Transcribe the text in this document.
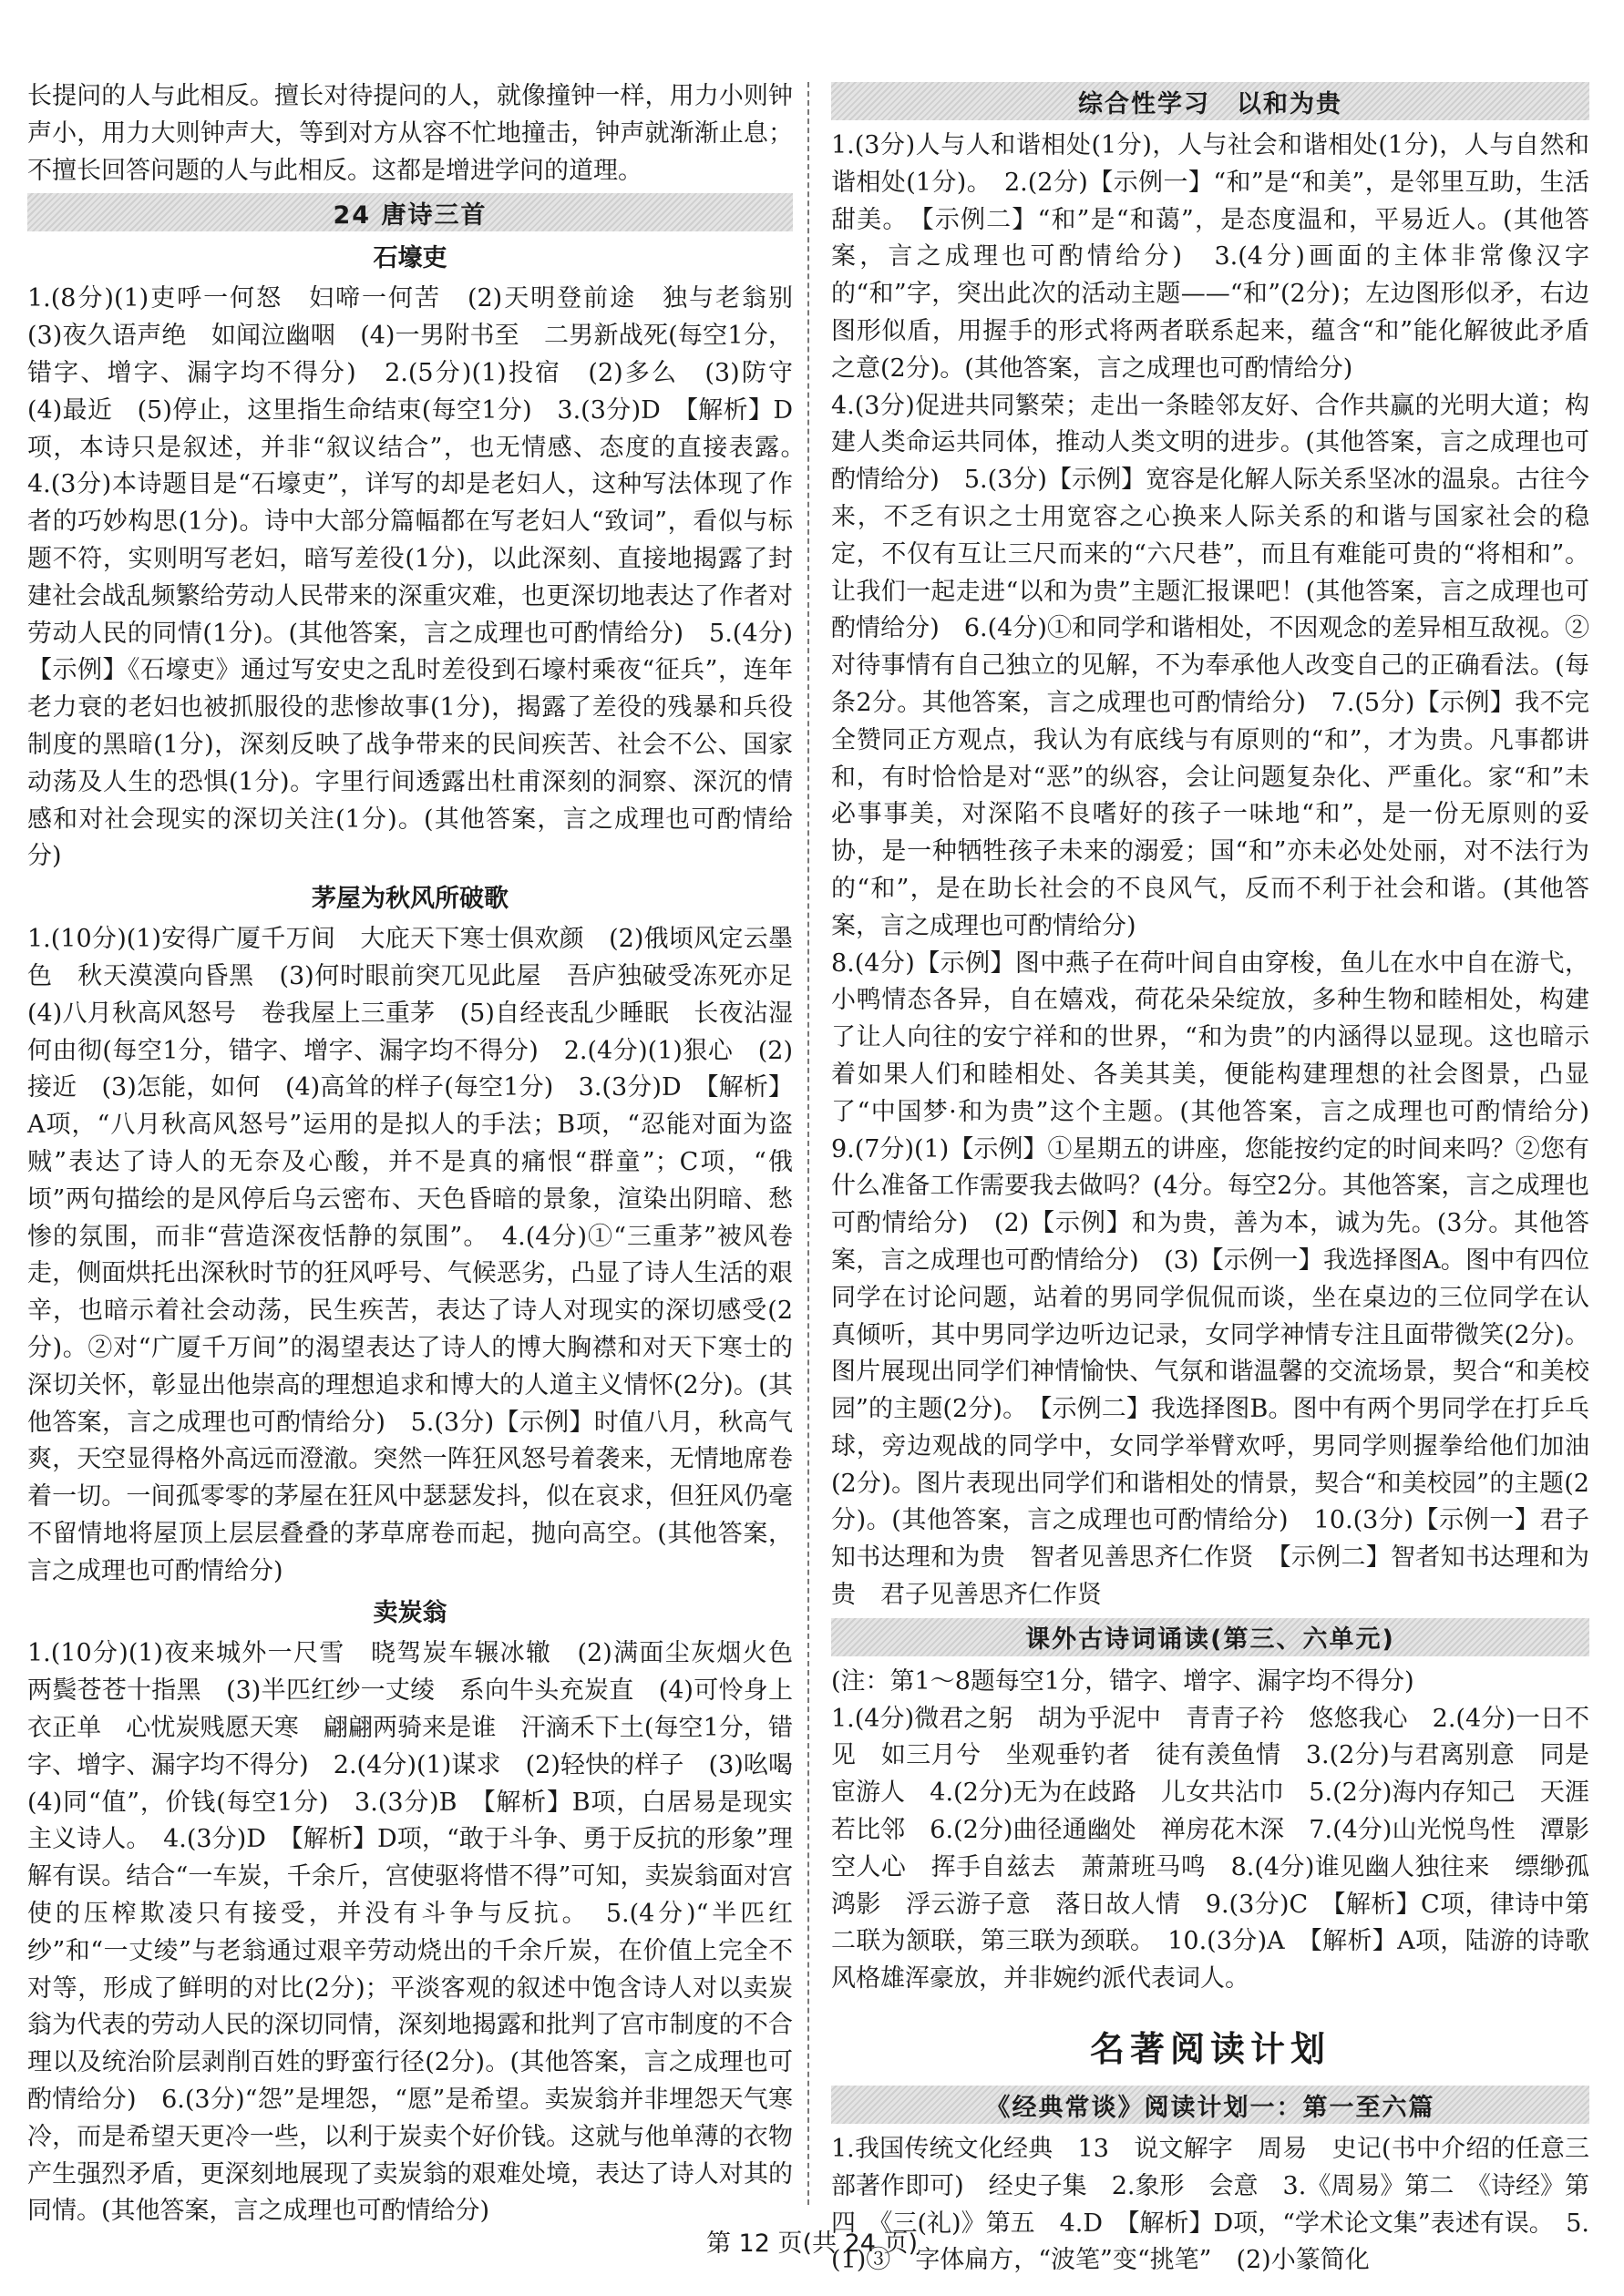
长提问的人与此相反。擅长对待提问的人，就像撞钟一样，用力小则钟声小，用力大则钟声大，等到对方从容不忙地撞击，钟声就渐渐止息；不擅长回答问题的人与此相反。这都是增进学问的道理。

24 唐诗三首
石壕吏

1.(8分)(1)吏呼一何怒　妇啼一何苦　(2)天明登前途　独与老翁别　(3)夜久语声绝　如闻泣幽咽　(4)一男附书至　二男新战死(每空1分，错字、增字、漏字均不得分)　2.(5分)(1)投宿　(2)多么　(3)防守　(4)最近　(5)停止，这里指生命结束(每空1分)　3.(3分)D　【解析】D项，本诗只是叙述，并非“叙议结合”，也无情感、态度的直接表露。　4.(3分)本诗题目是“石壕吏”，详写的却是老妇人，这种写法体现了作者的巧妙构思(1分)。诗中大部分篇幅都在写老妇人“致词”，看似与标题不符，实则明写老妇，暗写差役(1分)，以此深刻、直接地揭露了封建社会战乱频繁给劳动人民带来的深重灾难，也更深切地表达了作者对劳动人民的同情(1分)。(其他答案，言之成理也可酌情给分)　5.(4分)【示例】《石壕吏》通过写安史之乱时差役到石壕村乘夜“征兵”，连年老力衰的老妇也被抓服役的悲惨故事(1分)，揭露了差役的残暴和兵役制度的黑暗(1分)，深刻反映了战争带来的民间疾苦、社会不公、国家动荡及人生的恐惧(1分)。字里行间透露出杜甫深刻的洞察、深沉的情感和对社会现实的深切关注(1分)。(其他答案，言之成理也可酌情给分)

茅屋为秋风所破歌

1.(10分)(1)安得广厦千万间　大庇天下寒士俱欢颜　(2)俄顷风定云墨色　秋天漠漠向昏黑　(3)何时眼前突兀见此屋　吾庐独破受冻死亦足　(4)八月秋高风怒号　卷我屋上三重茅　(5)自经丧乱少睡眠　长夜沾湿何由彻(每空1分，错字、增字、漏字均不得分)　2.(4分)(1)狠心　(2)接近　(3)怎能，如何　(4)高耸的样子(每空1分)　3.(3分)D　【解析】A项，“八月秋高风怒号”运用的是拟人的手法；B项，“忍能对面为盗贼”表达了诗人的无奈及心酸，并不是真的痛恨“群童”；C项，“俄顷”两句描绘的是风停后乌云密布、天色昏暗的景象，渲染出阴暗、愁惨的氛围，而非“营造深夜恬静的氛围”。　4.(4分)①“三重茅”被风卷走，侧面烘托出深秋时节的狂风呼号、气候恶劣，凸显了诗人生活的艰辛，也暗示着社会动荡，民生疾苦，表达了诗人对现实的深切感受(2分)。②对“广厦千万间”的渴望表达了诗人的博大胸襟和对天下寒士的深切关怀，彰显出他崇高的理想追求和博大的人道主义情怀(2分)。(其他答案，言之成理也可酌情给分)　5.(3分)【示例】时值八月，秋高气爽，天空显得格外高远而澄澈。突然一阵狂风怒号着袭来，无情地席卷着一切。一间孤零零的茅屋在狂风中瑟瑟发抖，似在哀求，但狂风仍毫不留情地将屋顶上层层叠叠的茅草席卷而起，抛向高空。(其他答案，言之成理也可酌情给分)

卖炭翁

1.(10分)(1)夜来城外一尺雪　晓驾炭车辗冰辙　(2)满面尘灰烟火色　两鬓苍苍十指黑　(3)半匹红纱一丈绫　系向牛头充炭直　(4)可怜身上衣正单　心忧炭贱愿天寒　翩翩两骑来是谁　汗滴禾下土(每空1分，错字、增字、漏字均不得分)　2.(4分)(1)谋求　(2)轻快的样子　(3)吆喝　(4)同“值”，价钱(每空1分)　3.(3分)B　【解析】B项，白居易是现实主义诗人。　4.(3分)D　【解析】D项，“敢于斗争、勇于反抗的形象”理解有误。结合“一车炭，千余斤，宫使驱将惜不得”可知，卖炭翁面对宫使的压榨欺凌只有接受，并没有斗争与反抗。　5.(4分)“半匹红纱”和“一丈绫”与老翁通过艰辛劳动烧出的千余斤炭，在价值上完全不对等，形成了鲜明的对比(2分)；平淡客观的叙述中饱含诗人对以卖炭翁为代表的劳动人民的深切同情，深刻地揭露和批判了宫市制度的不合理以及统治阶层剥削百姓的野蛮行径(2分)。(其他答案，言之成理也可酌情给分)　6.(3分)“怨”是埋怨，“愿”是希望。卖炭翁并非埋怨天气寒冷，而是希望天更冷一些，以利于炭卖个好价钱。这就与他单薄的衣物产生强烈矛盾，更深刻地展现了卖炭翁的艰难处境，表达了诗人对其的同情。(其他答案，言之成理也可酌情给分)

综合性学习　以和为贵

1.(3分)人与人和谐相处(1分)，人与社会和谐相处(1分)，人与自然和谐相处(1分)。　2.(2分)【示例一】“和”是“和美”，是邻里互助，生活甜美。　【示例二】“和”是“和蔼”，是态度温和，平易近人。(其他答案，言之成理也可酌情给分)　3.(4分)画面的主体非常像汉字的“和”字，突出此次的活动主题——“和”(2分)；左边图形似矛，右边图形似盾，用握手的形式将两者联系起来，蕴含“和”能化解彼此矛盾之意(2分)。(其他答案，言之成理也可酌情给分)
4.(3分)促进共同繁荣；走出一条睦邻友好、合作共赢的光明大道；构建人类命运共同体，推动人类文明的进步。(其他答案，言之成理也可酌情给分)　5.(3分)【示例】宽容是化解人际关系坚冰的温泉。古往今来，不乏有识之士用宽容之心换来人际关系的和谐与国家社会的稳定，不仅有互让三尺而来的“六尺巷”，而且有难能可贵的“将相和”。让我们一起走进“以和为贵”主题汇报课吧！(其他答案，言之成理也可酌情给分)　6.(4分)①和同学和谐相处，不因观念的差异相互敌视。②对待事情有自己独立的见解，不为奉承他人改变自己的正确看法。(每条2分。其他答案，言之成理也可酌情给分)　7.(5分)【示例】我不完全赞同正方观点，我认为有底线与有原则的“和”，才为贵。凡事都讲和，有时恰恰是对“恶”的纵容，会让问题复杂化、严重化。家“和”未必事事美，对深陷不良嗜好的孩子一味地“和”，是一份无原则的妥协，是一种牺牲孩子未来的溺爱；国“和”亦未必处处丽，对不法行为的“和”，是在助长社会的不良风气，反而不利于社会和谐。(其他答案，言之成理也可酌情给分)
8.(4分)【示例】图中燕子在荷叶间自由穿梭，鱼儿在水中自在游弋，小鸭情态各异，自在嬉戏，荷花朵朵绽放，多种生物和睦相处，构建了让人向往的安宁祥和的世界，“和为贵”的内涵得以显现。这也暗示着如果人们和睦相处、各美其美，便能构建理想的社会图景，凸显了“中国梦·和为贵”这个主题。(其他答案，言之成理也可酌情给分)　9.(7分)(1)【示例】①星期五的讲座，您能按约定的时间来吗？②您有什么准备工作需要我去做吗？(4分。每空2分。其他答案，言之成理也可酌情给分)　(2)【示例】和为贵，善为本，诚为先。(3分。其他答案，言之成理也可酌情给分)　(3)【示例一】我选择图A。图中有四位同学在讨论问题，站着的男同学侃侃而谈，坐在桌边的三位同学在认真倾听，其中男同学边听边记录，女同学神情专注且面带微笑(2分)。图片展现出同学们神情愉快、气氛和谐温馨的交流场景，契合“和美校园”的主题(2分)。　【示例二】我选择图B。图中有两个男同学在打乒乓球，旁边观战的同学中，女同学举臂欢呼，男同学则握拳给他们加油(2分)。图片表现出同学们和谐相处的情景，契合“和美校园”的主题(2分)。(其他答案，言之成理也可酌情给分)　10.(3分)【示例一】君子知书达理和为贵　智者见善思齐仁作贤　【示例二】智者知书达理和为贵　君子见善思齐仁作贤

课外古诗词诵读(第三、六单元)

(注：第1～8题每空1分，错字、增字、漏字均不得分)
1.(4分)微君之躬　胡为乎泥中　青青子衿　悠悠我心　2.(4分)一日不见　如三月兮　坐观垂钓者　徒有羡鱼情　3.(2分)与君离别意　同是宦游人　4.(2分)无为在歧路　儿女共沾巾　5.(2分)海内存知己　天涯若比邻　6.(2分)曲径通幽处　禅房花木深　7.(4分)山光悦鸟性　潭影空人心　挥手自兹去　萧萧班马鸣　8.(4分)谁见幽人独往来　缥缈孤鸿影　浮云游子意　落日故人情　9.(3分)C　【解析】C项，律诗中第二联为颔联，第三联为颈联。　10.(3分)A　【解析】A项，陆游的诗歌风格雄浑豪放，并非婉约派代表词人。

名著阅读计划
《经典常谈》阅读计划一：第一至六篇

1.我国传统文化经典　13　说文解字　周易　史记(书中介绍的任意三部著作即可)　经史子集　2.象形　会意　3.《周易》第二　《诗经》第四　《三(礼)》第五　4.D　【解析】D项，“学术论文集”表述有误。　5.(1)③　字体扁方，“波笔”变“挑笔”　(2)小篆简化

第 12 页(共 24 页)
